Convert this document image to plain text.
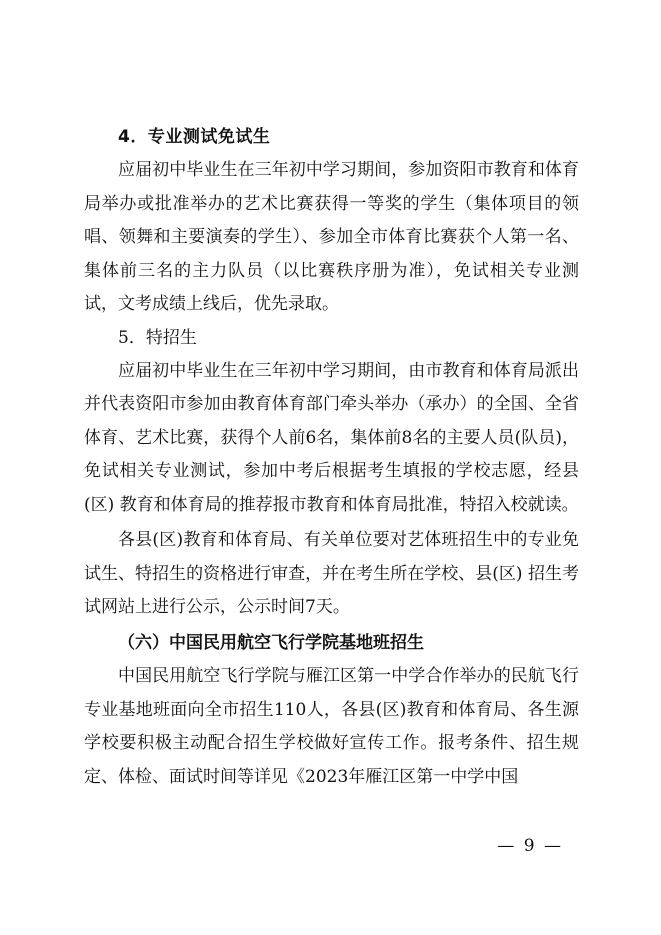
4．专业测试免试生

应届初中毕业生在三年初中学习期间，参加资阳市教育和体育局举办或批准举办的艺术比赛获得一等奖的学生（集体项目的领唱、领舞和主要演奏的学生）、参加全市体育比赛获个人第一名、集体前三名的主力队员（以比赛秩序册为准），免试相关专业测试，文考成绩上线后，优先录取。

5．特招生

应届初中毕业生在三年初中学习期间，由市教育和体育局派出并代表资阳市参加由教育体育部门牵头举办（承办）的全国、全省体育、艺术比赛，获得个人前6名，集体前8名的主要人员(队员)，免试相关专业测试，参加中考后根据考生填报的学校志愿，经县(区) 教育和体育局的推荐报市教育和体育局批准，特招入校就读。

各县(区)教育和体育局、有关单位要对艺体班招生中的专业免试生、特招生的资格进行审查，并在考生所在学校、县(区) 招生考试网站上进行公示，公示时间7天。

（六）中国民用航空飞行学院基地班招生

中国民用航空飞行学院与雁江区第一中学合作举办的民航飞行专业基地班面向全市招生110人，各县(区)教育和体育局、各生源学校要积极主动配合招生学校做好宣传工作。报考条件、招生规定、体检、面试时间等详见《2023年雁江区第一中学中国

— 9 —
